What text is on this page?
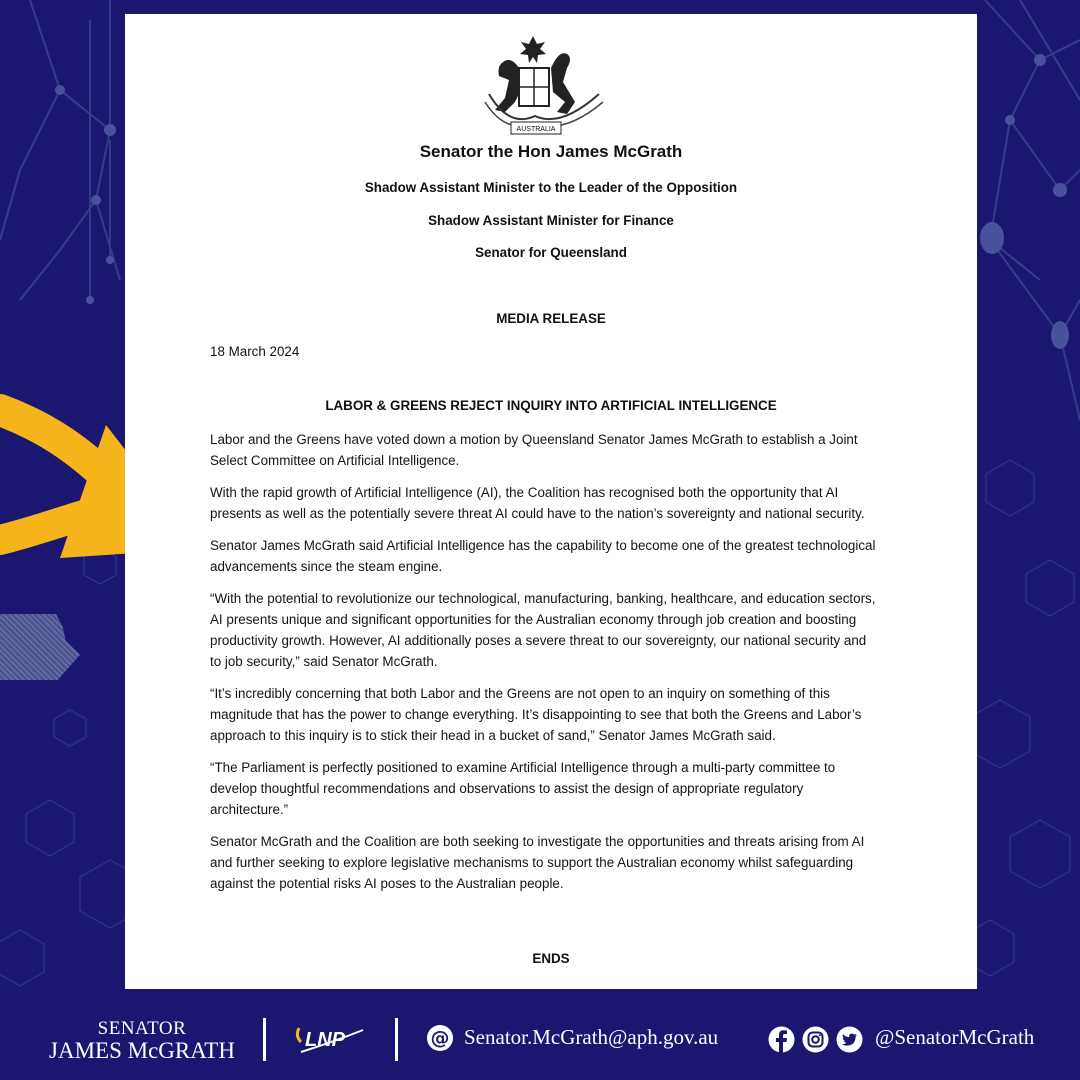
AUSTRALIA
Senator the Hon James McGrath
Shadow Assistant Minister to the Leader of the Opposition
Shadow Assistant Minister for Finance
Senator for Queensland
MEDIA RELEASE
18 March 2024
LABOR & GREENS REJECT INQUIRY INTO ARTIFICIAL INTELLIGENCE

Labor and the Greens have voted down a motion by Queensland Senator James McGrath to establish a Joint Select Committee on Artificial Intelligence.

With the rapid growth of Artificial Intelligence (AI), the Coalition has recognised both the opportunity that AI presents as well as the potentially severe threat AI could have to the nation’s sovereignty and national security.

Senator James McGrath said Artificial Intelligence has the capability to become one of the greatest technological advancements since the steam engine.

“With the potential to revolutionize our technological, manufacturing, banking, healthcare, and education sectors, AI presents unique and significant opportunities for the Australian economy through job creation and boosting productivity growth. However, AI additionally poses a severe threat to our sovereignty, our national security and to job security,” said Senator McGrath.

“It’s incredibly concerning that both Labor and the Greens are not open to an inquiry on something of this magnitude that has the power to change everything. It’s disappointing to see that both the Greens and Labor’s approach to this inquiry is to stick their head in a bucket of sand,” Senator James McGrath said.

“The Parliament is perfectly positioned to examine Artificial Intelligence through a multi-party committee to develop thoughtful recommendations and observations to assist the design of appropriate regulatory architecture.”

Senator McGrath and the Coalition are both seeking to investigate the opportunities and threats arising from AI and further seeking to explore legislative mechanisms to support the Australian economy whilst safeguarding against the potential risks AI poses to the Australian people.

ENDS
SENATOR
JAMES McGRATH	LNP	@ Senator.McGrath@aph.gov.au	@SenatorMcGrath
